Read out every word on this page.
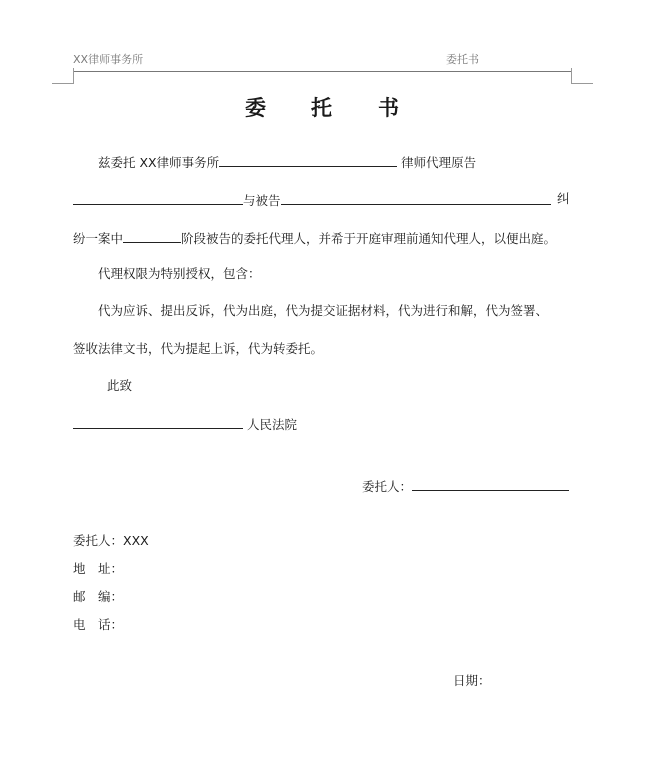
XX律师事务所	委托书
委 托 书
兹委托 XX律师事务所	律师代理原告
与被告	纠
纷一案中	阶段被告的委托代理人，并希于开庭审理前通知代理人，以便出庭。
代理权限为特别授权，包含：
代为应诉、提出反诉，代为出庭，代为提交证据材料，代为进行和解，代为签署、
签收法律文书，代为提起上诉，代为转委托。
此致
人民法院
委托人：
委托人：XXX
地　址：
邮　编：
电　话：
日期：
